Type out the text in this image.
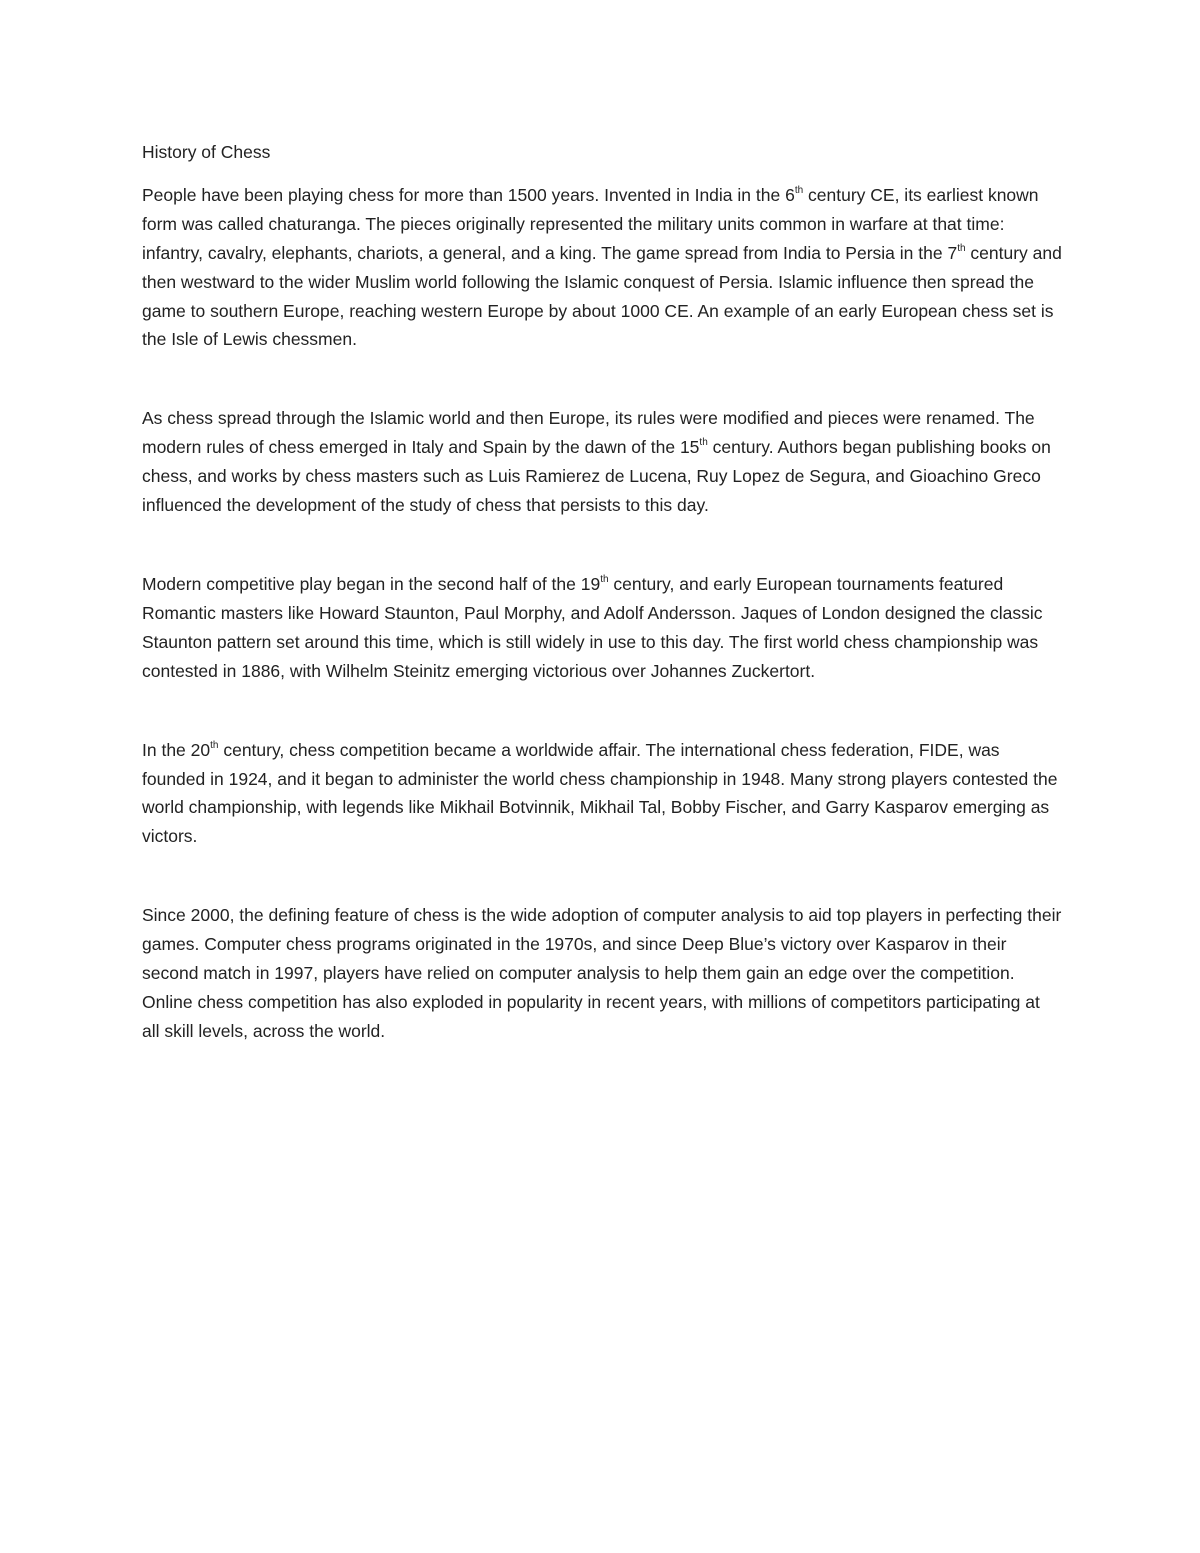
History of Chess

People have been playing chess for more than 1500 years. Invented in India in the 6th century CE, its earliest known form was called chaturanga. The pieces originally represented the military units common in warfare at that time: infantry, cavalry, elephants, chariots, a general, and a king. The game spread from India to Persia in the 7th century and then westward to the wider Muslim world following the Islamic conquest of Persia. Islamic influence then spread the game to southern Europe, reaching western Europe by about 1000 CE. An example of an early European chess set is the Isle of Lewis chessmen.

As chess spread through the Islamic world and then Europe, its rules were modified and pieces were renamed. The modern rules of chess emerged in Italy and Spain by the dawn of the 15th century. Authors began publishing books on chess, and works by chess masters such as Luis Ramierez de Lucena, Ruy Lopez de Segura, and Gioachino Greco influenced the development of the study of chess that persists to this day.

Modern competitive play began in the second half of the 19th century, and early European tournaments featured Romantic masters like Howard Staunton, Paul Morphy, and Adolf Andersson. Jaques of London designed the classic Staunton pattern set around this time, which is still widely in use to this day. The first world chess championship was contested in 1886, with Wilhelm Steinitz emerging victorious over Johannes Zuckertort.

In the 20th century, chess competition became a worldwide affair. The international chess federation, FIDE, was founded in 1924, and it began to administer the world chess championship in 1948. Many strong players contested the world championship, with legends like Mikhail Botvinnik, Mikhail Tal, Bobby Fischer, and Garry Kasparov emerging as victors.

Since 2000, the defining feature of chess is the wide adoption of computer analysis to aid top players in perfecting their games. Computer chess programs originated in the 1970s, and since Deep Blue’s victory over Kasparov in their second match in 1997, players have relied on computer analysis to help them gain an edge over the competition. Online chess competition has also exploded in popularity in recent years, with millions of competitors participating at all skill levels, across the world.
